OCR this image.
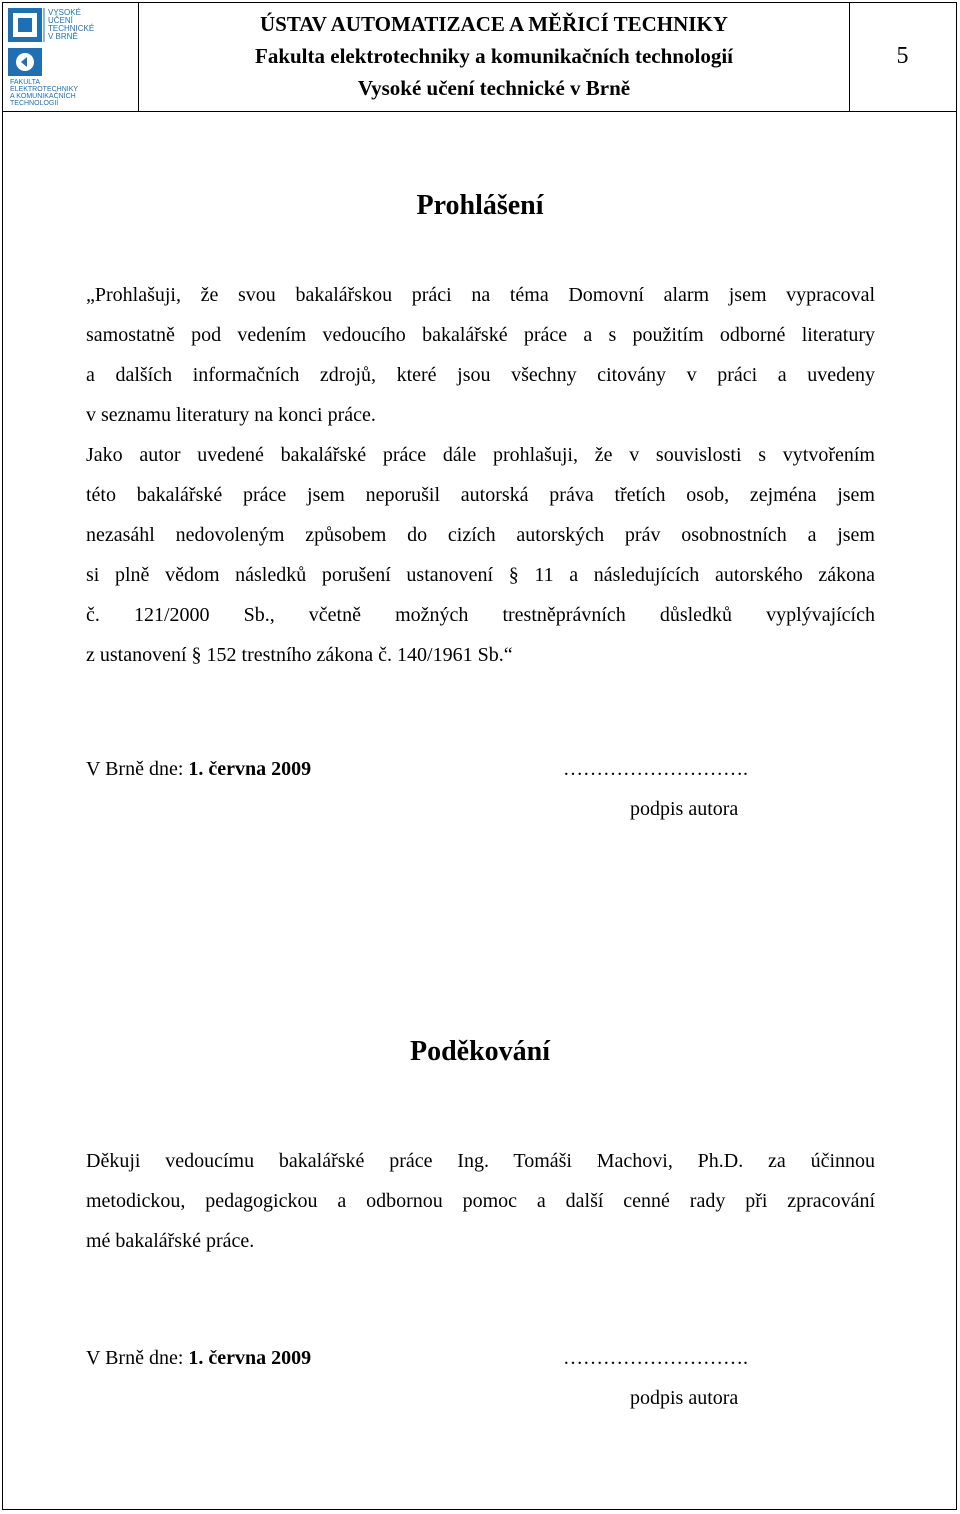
VYSOKÉ
UČENÍ
TECHNICKÉ
V BRNĚ
FAKULTA
ELEKTROTECHNIKY
A KOMUNIKAČNÍCH
TECHNOLOGIÍ
ÚSTAV AUTOMATIZACE A MĚŘICÍ TECHNIKY
Fakulta elektrotechniky a komunikačních technologií
Vysoké učení technické v Brně
5
Prohlášení
„Prohlašuji, že svou bakalářskou práci na téma Domovní alarm jsem vypracoval
samostatně pod vedením vedoucího bakalářské práce a s použitím odborné literatury
a dalších informačních zdrojů, které jsou všechny citovány v práci a uvedeny
v seznamu literatury na konci práce.
Jako autor uvedené bakalářské práce dále prohlašuji, že v souvislosti s vytvořením
této bakalářské práce jsem neporušil autorská práva třetích osob, zejména jsem
nezasáhl nedovoleným způsobem do cizích autorských práv osobnostních a jsem
si plně vědom následků porušení ustanovení § 11 a následujících autorského zákona
č. 121/2000 Sb., včetně možných trestněprávních důsledků vyplývajících
z ustanovení § 152 trestního zákona č. 140/1961 Sb.“
V Brně dne: 1. června 2009	……………………….
podpis autora
Poděkování
Děkuji vedoucímu bakalářské práce Ing. Tomáši Machovi, Ph.D. za účinnou
metodickou, pedagogickou a odbornou pomoc a další cenné rady při zpracování
mé bakalářské práce.
V Brně dne: 1. června 2009	……………………….
podpis autora
